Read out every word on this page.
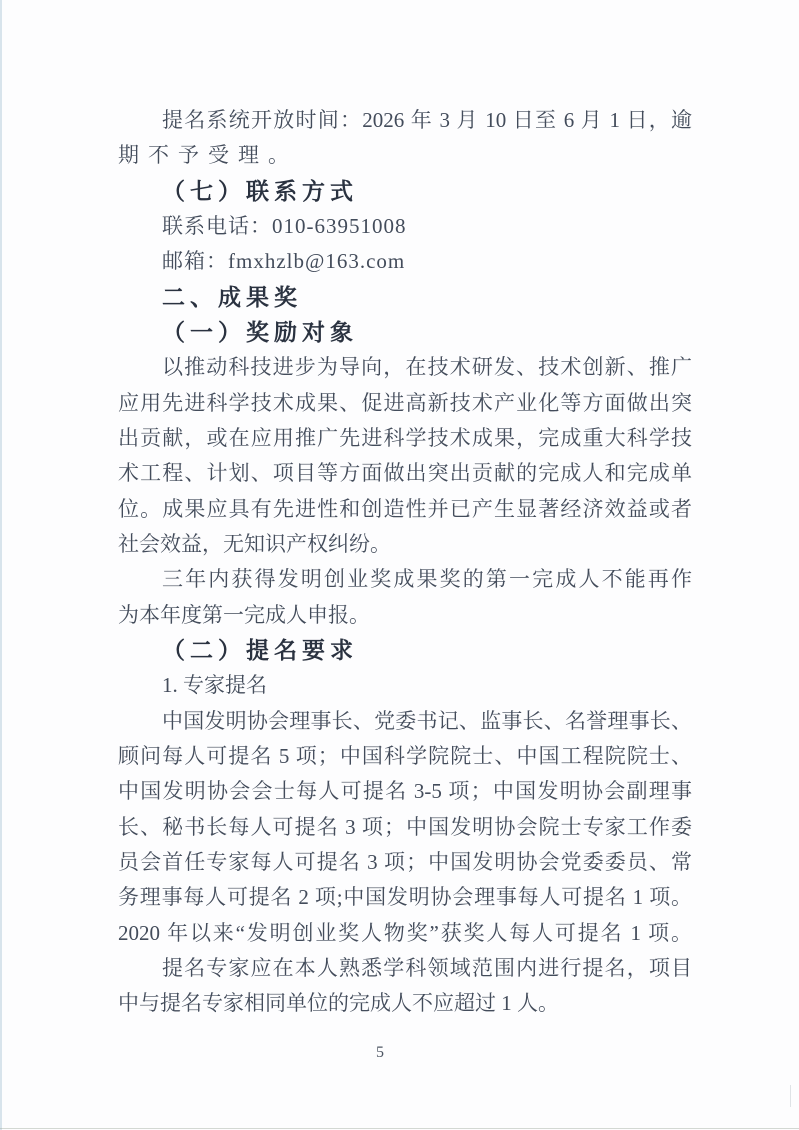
提名系统开放时间：2026 年 3 月 10 日至 6 月 1 日，逾
期不予受理。
（七）联系方式
联系电话：010-63951008
邮箱：fmxhzlb@163.com
二、成果奖
（一）奖励对象
以推动科技进步为导向，在技术研发、技术创新、推广
应用先进科学技术成果、促进高新技术产业化等方面做出突
出贡献，或在应用推广先进科学技术成果，完成重大科学技
术工程、计划、项目等方面做出突出贡献的完成人和完成单
位。成果应具有先进性和创造性并已产生显著经济效益或者
社会效益，无知识产权纠纷。
三年内获得发明创业奖成果奖的第一完成人不能再作
为本年度第一完成人申报。
（二）提名要求
1. 专家提名
中国发明协会理事长、党委书记、监事长、名誉理事长、
顾问每人可提名 5 项；中国科学院院士、中国工程院院士、
中国发明协会会士每人可提名 3-5 项；中国发明协会副理事
长、秘书长每人可提名 3 项；中国发明协会院士专家工作委
员会首任专家每人可提名 3 项；中国发明协会党委委员、常
务理事每人可提名 2 项;中国发明协会理事每人可提名 1 项。
2020 年以来“发明创业奖人物奖”获奖人每人可提名 1 项。
提名专家应在本人熟悉学科领域范围内进行提名，项目
中与提名专家相同单位的完成人不应超过 1 人。
5
